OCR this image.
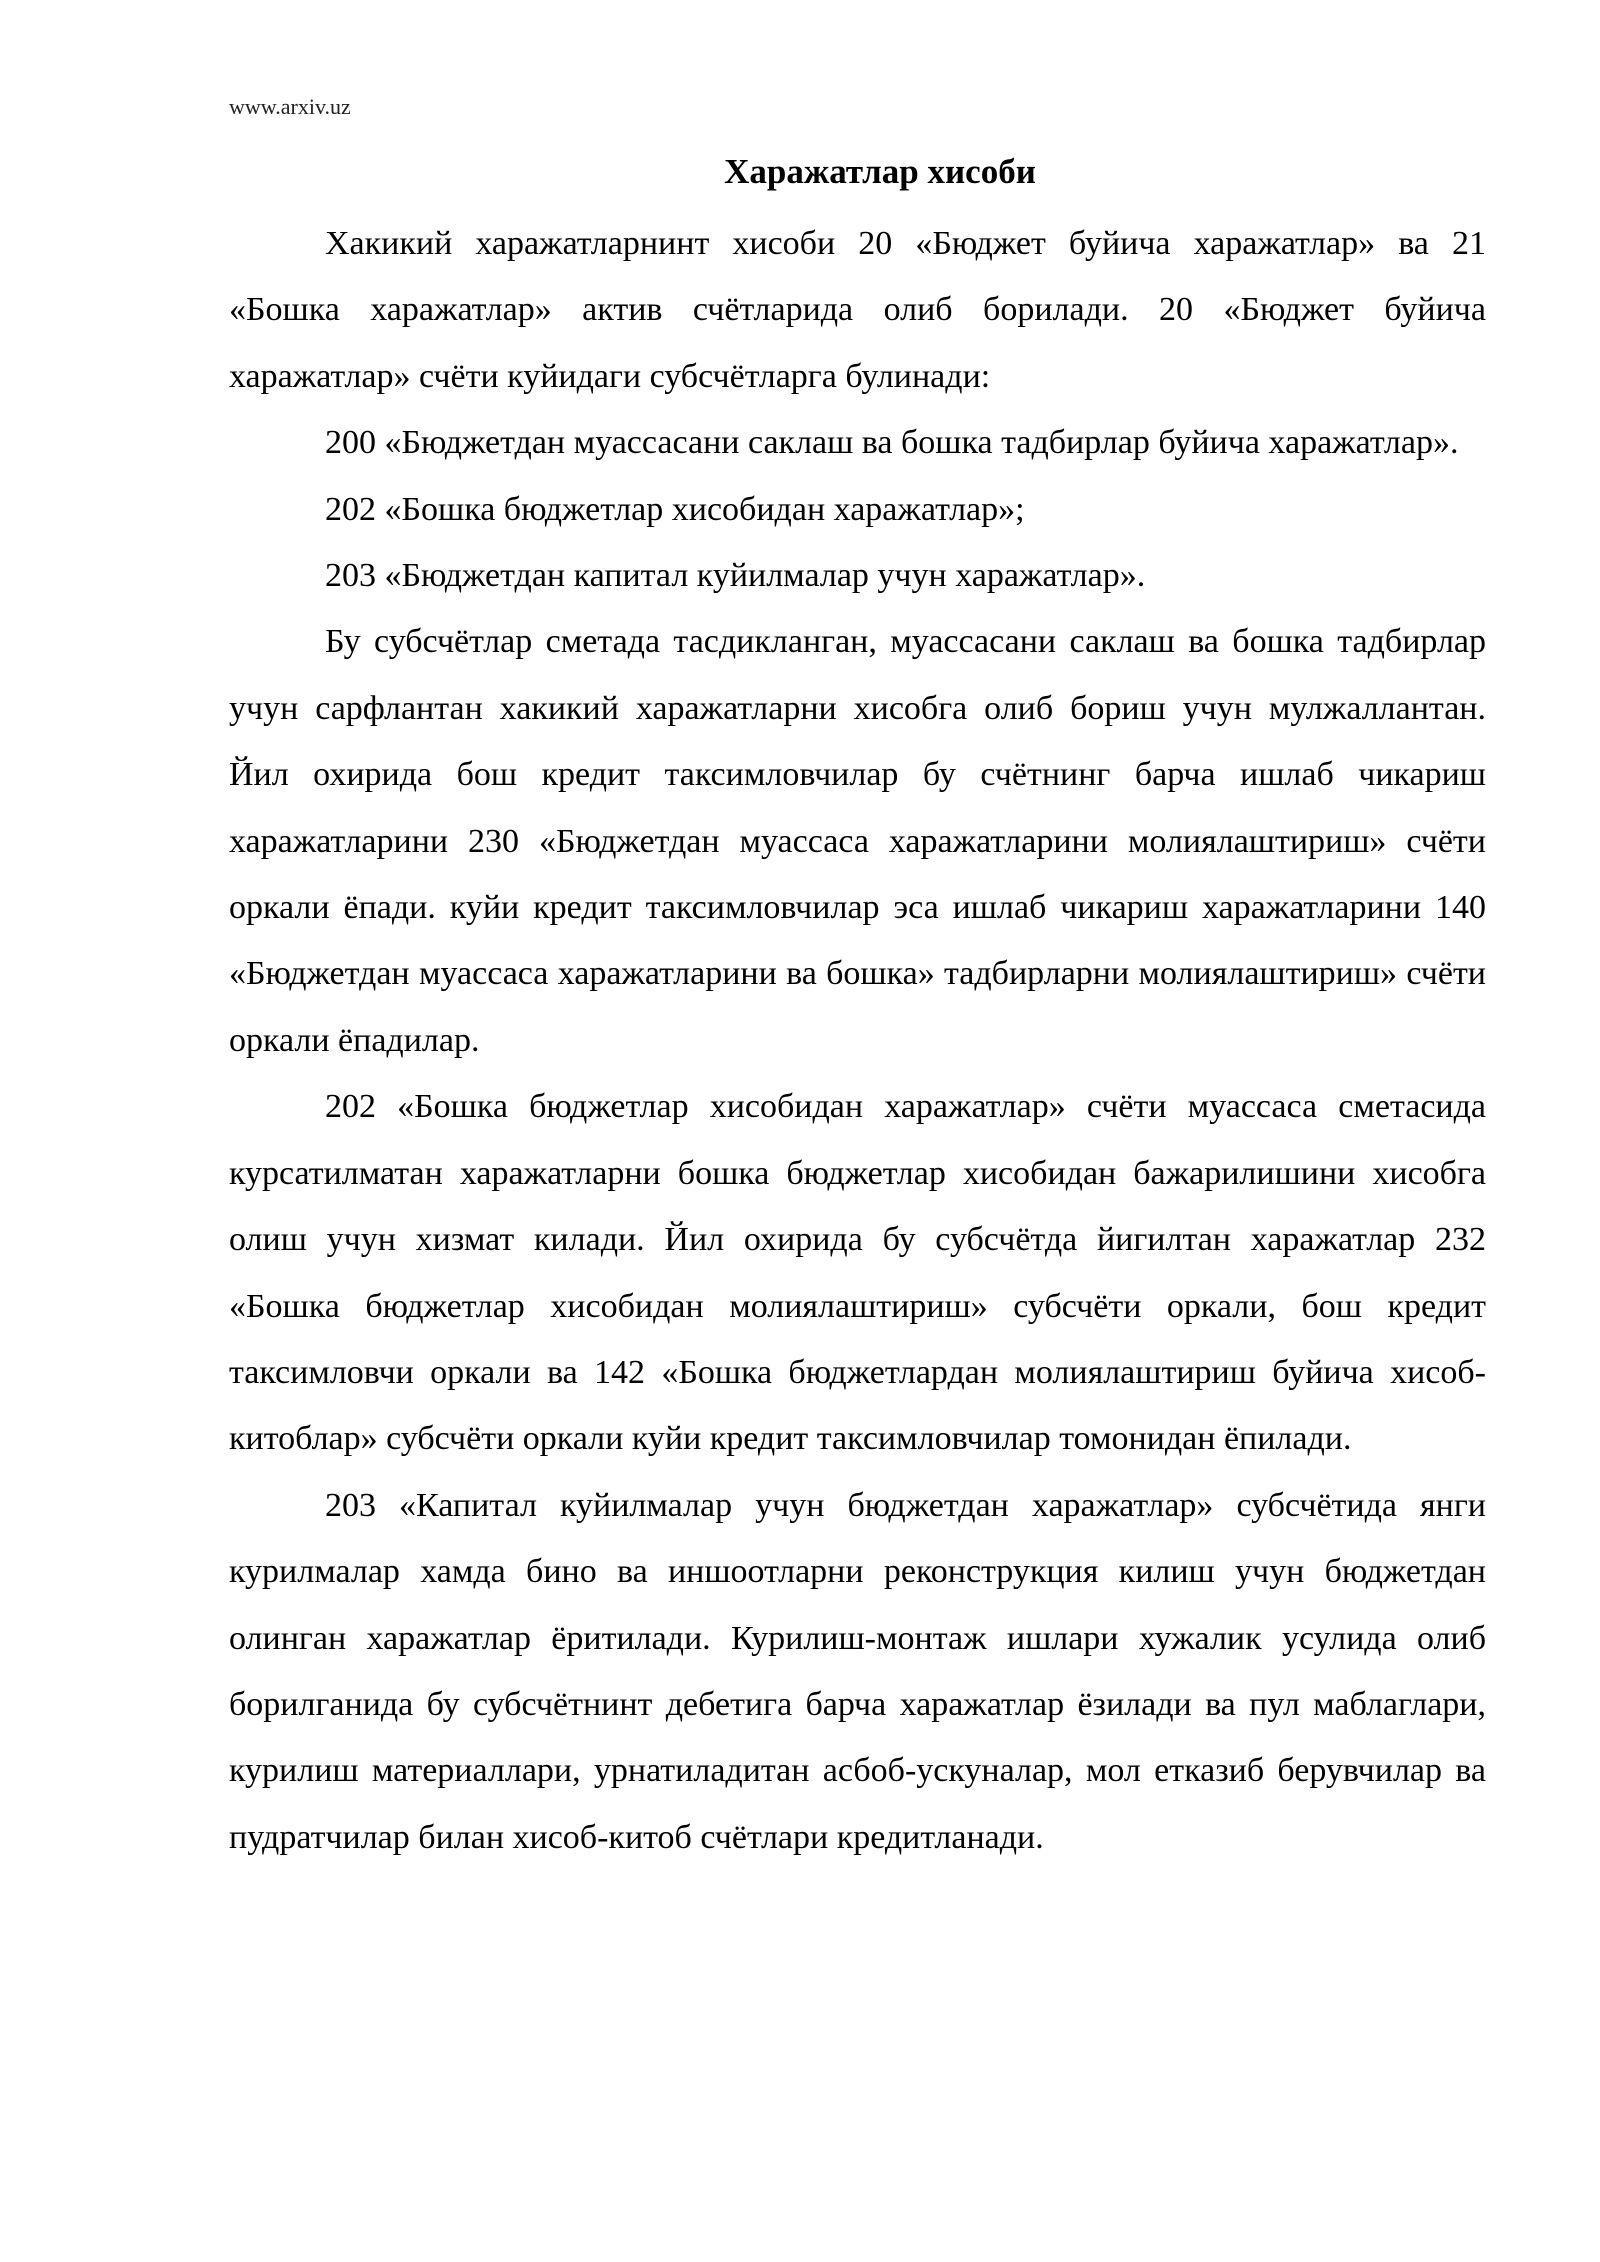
www.arxiv.uz
Харажатлар хисоби

Хакикий харажатларнинт хисоби 20 «Бюджет буйича харажатлар» ва 21 «Бошка харажатлар» актив счётларида олиб борилади. 20 «Бюджет буйича харажатлар» счёти куйидаги субсчётларга булинади:

200 «Бюджетдан муассасани саклаш ва бошка тадбирлар буйича харажатлар».

202 «Бошка бюджетлар хисобидан харажатлар»;

203 «Бюджетдан капитал куйилмалар учун харажатлар».

Бу субсчётлар сметада тасдикланган, муассасани саклаш ва бошка тадбирлар учун сарфлантан хакикий харажатларни хисобга олиб бориш учун мулжаллантан. Йил охирида бош кредит таксимловчилар бу счётнинг барча ишлаб чикариш харажатларини 230 «Бюджетдан муассаса харажатларини молиялаштириш» счёти оркали ёпади. куйи кредит таксимловчилар эса ишлаб чикариш харажатларини 140 «Бюджетдан муассаса харажатларини ва бошка» тадбирларни молиялаштириш» счёти оркали ёпадилар.

202 «Бошка бюджетлар хисобидан харажатлар» счёти муассаса сметасида курсатилматан харажатларни бошка бюджетлар хисобидан бажарилишини хисобга олиш учун хизмат килади. Йил охирида бу субсчётда йигилтан харажатлар 232 «Бошка бюджетлар хисобидан молиялаштириш» субсчёти оркали, бош кредит таксимловчи оркали ва 142 «Бошка бюджетлардан молиялаштириш буйича хисоб-китоблар» субсчёти оркали куйи кредит таксимловчилар томонидан ёпилади.

203 «Капитал куйилмалар учун бюджетдан харажатлар» субсчётида янги курилмалар хамда бино ва иншоотларни реконструкция килиш учун бюджетдан олинган харажатлар ёритилади. Курилиш-монтаж ишлари хужалик усулида олиб борилганида бу субсчётнинт дебетига барча харажатлар ёзилади ва пул маблаглари, курилиш материаллари, урнатиладитан асбоб-ускуналар, мол етказиб берувчилар ва пудратчилар билан хисоб-китоб счётлари кредитланади.
